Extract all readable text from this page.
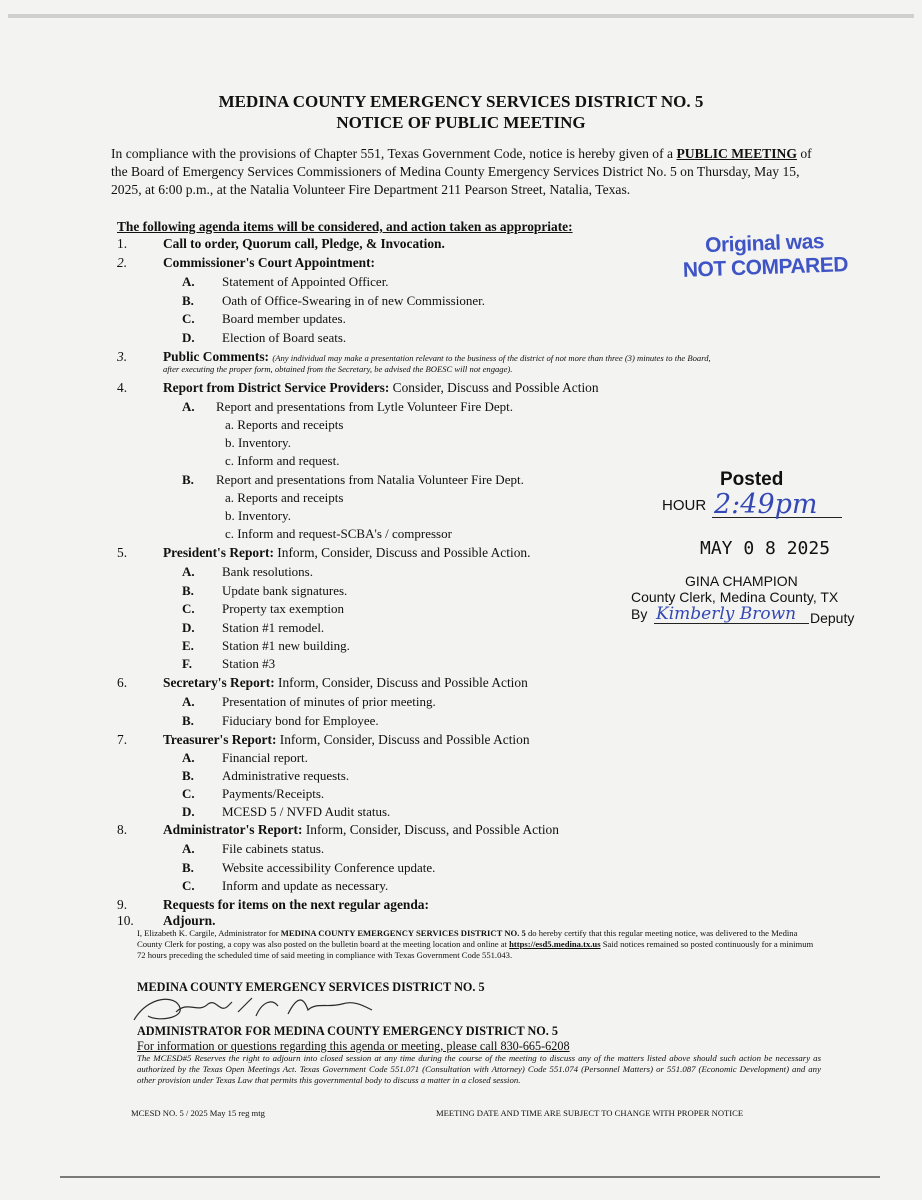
MEDINA COUNTY EMERGENCY SERVICES DISTRICT NO. 5
NOTICE OF PUBLIC MEETING
In compliance with the provisions of Chapter 551, Texas Government Code, notice is hereby given of a PUBLIC MEETING of the Board of Emergency Services Commissioners of Medina County Emergency Services District No. 5 on Thursday, May 15, 2025, at 6:00 p.m., at the Natalia Volunteer Fire Department 211 Pearson Street, Natalia, Texas.
The following agenda items will be considered, and action taken as appropriate:
1.	Call to order, Quorum call, Pledge, & Invocation.
2.	Commissioner's Court Appointment:
A. Statement of Appointed Officer.
B. Oath of Office-Swearing in of new Commissioner.
C. Board member updates.
D. Election of Board seats.
3.	Public Comments: (Any individual may make a presentation relevant to the business of the district of not more than three (3) minutes to the Board,
after executing the proper form, obtained from the Secretary, be advised the BOESC will not engage).
4.	Report from District Service Providers: Consider, Discuss and Possible Action
A. Report and presentations from Lytle Volunteer Fire Dept.
a. Reports and receipts
b. Inventory.
c. Inform and request.
B. Report and presentations from Natalia Volunteer Fire Dept.
a. Reports and receipts
b. Inventory.
c. Inform and request-SCBA's / compressor
5.	President's Report: Inform, Consider, Discuss and Possible Action.
A. Bank resolutions.
B. Update bank signatures.
C. Property tax exemption
D. Station #1 remodel.
E. Station #1 new building.
F. Station #3
6.	Secretary's Report: Inform, Consider, Discuss and Possible Action
A. Presentation of minutes of prior meeting.
B. Fiduciary bond for Employee.
7.	Treasurer's Report: Inform, Consider, Discuss and Possible Action
A. Financial report.
B. Administrative requests.
C. Payments/Receipts.
D. MCESD 5 / NVFD Audit status.
8.	Administrator's Report: Inform, Consider, Discuss, and Possible Action
A. File cabinets status.
B. Website accessibility Conference update.
C. Inform and update as necessary.
9.	Requests for items on the next regular agenda:
10. Adjourn.
I, Elizabeth K. Cargile, Administrator for MEDINA COUNTY EMERGENCY SERVICES DISTRICT NO. 5 do hereby certify that this regular meeting notice, was delivered to the Medina County Clerk for posting, a copy was also posted on the bulletin board at the meeting location and online at https://esd5.medina.tx.us Said notices remained so posted continuously for a minimum 72 hours preceding the scheduled time of said meeting in compliance with Texas Government Code 551.043.
MEDINA COUNTY EMERGENCY SERVICES DISTRICT NO. 5
ADMINISTRATOR FOR MEDINA COUNTY EMERGENCY DISTRICT NO. 5
For information or questions regarding this agenda or meeting, please call 830-665-6208
The MCESD#5 Reserves the right to adjourn into closed session at any time during the course of the meeting to discuss any of the matters listed above should such action be necessary as authorized by the Texas Open Meetings Act. Texas Government Code 551.071 (Consultation with Attorney) Code 551.074 (Personnel Matters) or 551.087 (Economic Development) and any other provision under Texas Law that permits this governmental body to discuss a matter in a closed session.
MCESD NO. 5 / 2025 May 15 reg mtg	MEETING DATE AND TIME ARE SUBJECT TO CHANGE WITH PROPER NOTICE
Original was
NOT COMPARED
Posted
HOUR 2:49pm
MAY 0 8 2025
GINA CHAMPION
County Clerk, Medina County, TX
By Kimberly Brown Deputy
